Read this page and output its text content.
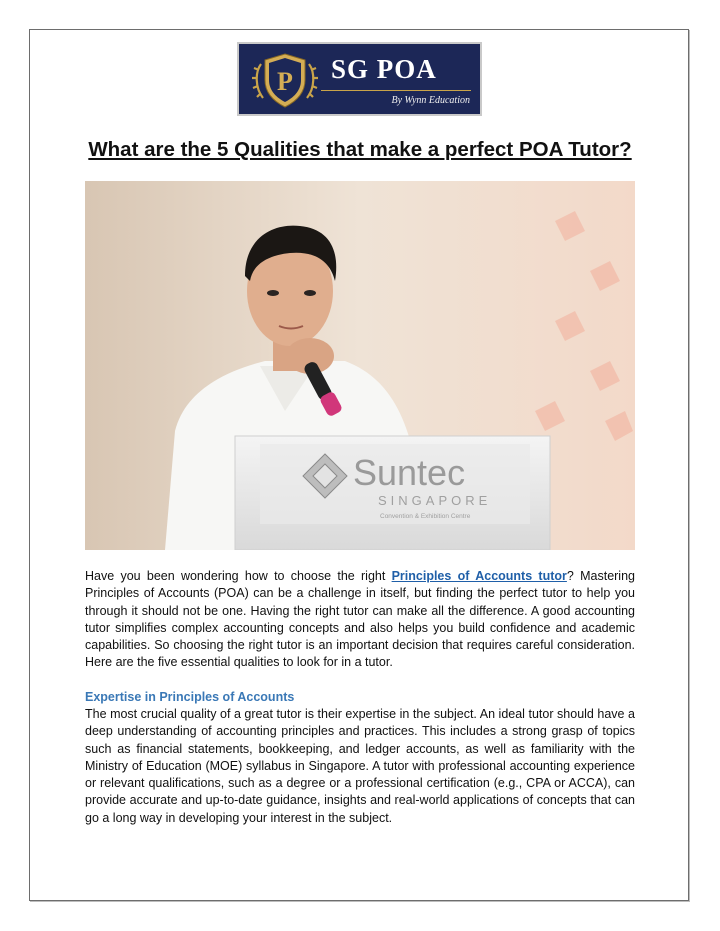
P SG POA
By Wynn Education
What are the 5 Qualities that make a perfect POA Tutor?
Suntec
SINGAPORE
Convention & Exhibition Centre

Have you been wondering how to choose the right Principles of Accounts tutor? Mastering Principles of Accounts (POA) can be a challenge in itself, but finding the perfect tutor to help you through it should not be one. Having the right tutor can make all the difference. A good accounting tutor simplifies complex accounting concepts and also helps you build confidence and academic capabilities. So choosing the right tutor is an important decision that requires careful consideration. Here are the five essential qualities to look for in a tutor.

Expertise in Principles of Accounts

The most crucial quality of a great tutor is their expertise in the subject. An ideal tutor should have a deep understanding of accounting principles and practices. This includes a strong grasp of topics such as financial statements, bookkeeping, and ledger accounts, as well as familiarity with the Ministry of Education (MOE) syllabus in Singapore. A tutor with professional accounting experience or relevant qualifications, such as a degree or a professional certification (e.g., CPA or ACCA), can provide accurate and up-to-date guidance, insights and real-world applications of concepts that can go a long way in developing your interest in the subject.
